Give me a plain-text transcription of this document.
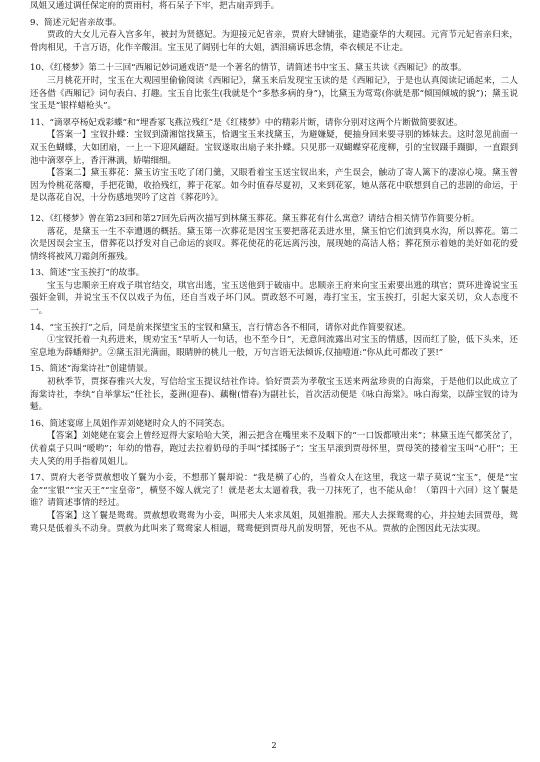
凤姐又通过调任保定府的贾雨村，将石呆子下牢，把古扇弄到手。

9、简述元妃省亲故事。

贾政的大女儿元春入宫多年，被封为贤德妃。为迎接元妃省亲，贾府大肆铺张，建造豪华的大观园。元宵节元妃省亲归来，骨肉相见，千言万语，化作辛酸泪。宝玉见了阔别七年的大姐，洒泪痛诉思念情，牵衣顿足不让走。

10、《红楼梦》第二十三回“西厢记妙词通戏语”是一个著名的情节，请简述书中宝玉、黛玉共读《西厢记》的故事。

三月桃花开时，宝玉在大观园里偷偷阅读《西厢记》，黛玉来后发现宝玉读的是《西厢记》，于是也认真阅读记诵起来，二人还各借《西厢记》词句表白、打趣。宝玉自比张生(我就是个“多愁多病的身”)，比黛玉为莺莺(你就是那“倾国倾城的貌”)；黛玉说宝玉是“银样蜡枪头”。

11、“滴翠亭杨妃戏彩蝶”和“埋香冢飞燕泣残红”是《红楼梦》中的精彩片断，请你分别对这两个片断做简要叙述。

【答案一】宝钗扑蝶：宝钗到潇湘馆找黛玉，恰遇宝玉来找黛玉，为避嫌疑，便抽身回来要寻别的姊妹去。这时忽见前面一双玉色蝴蝶，大如团扇，一上一下迎风翩跹。宝钗遂取出扇子来扑蝶。只见那一双蝴蝶穿花度柳，引的宝钗蹑手蹑脚，一直跟到池中滴翠亭上，香汗淋漓，娇喘细细。

【答案二】黛玉葬花：黛玉访宝玉吃了闭门羹，又眼看着宝玉送宝钗出来，产生误会，触动了寄人篱下的凄凉心境。黛玉曾因为怜桃花落瓣，手把花锄，收拾残红，葬于花冢。如今时值春尽夏初，又来到花冢，她从落花中联想到自己的悲剧的命运，于是以落花自况，十分伤感地哭吟了这首《葬花吟》。

12、《红楼梦》曾在第23回和第27回先后两次描写到林黛玉葬花。黛玉葬花有什么寓意？请结合相关情节作简要分析。

落花，是黛玉一生不幸遭遇的概括。黛玉第一次葬花是因宝玉要把落花丢进水里，黛玉怕它们流到臭水沟，所以葬花。第二次是因误会宝玉，借葬花以抒发对自己命运的哀叹。葬花使花的花远离污浊，展现她的高洁人格；葬花预示着她的美好如花的爱情终将被风刀霜剑所摧残。

13、简述“宝玉挨打”的故事。

宝玉与忠顺亲王府戏子琪官结交，琪官出逃，宝玉送他到于破庙中。忠顺亲王府来向宝玉索要出逃的琪官；贾环进谗说宝玉强奸金钏，并说宝玉不仅以戏子为伍，还自当戏子坏门风。贾政怒不可遏，毒打宝玉，宝玉挨打，引起大家关切，众人态度不一。

14、“宝玉挨打”之后，同是前来探望宝玉的宝钗和黛玉，言行情态各不相同，请你对此作简要叙述。

①宝钗托着一丸药进来，规劝宝玉“早听人一句话，也不至今日”，无意间流露出对宝玉的情感，因而红了脸，低下头来，还室息地为薛蟠辩护。②黛玉泪光满面，眼睛肿的桃儿一般，万句言语无法倾诉,仅抽噎道:“你从此可都改了罢!”

15、简述“海棠诗社”创建情景。

初秋季节，贾探春雅兴大发，写信给宝玉提议结社作诗。恰好贾芸为孝敬宝玉送来两盆珍贵的白海棠，于是他们以此成立了海棠诗社，李纨“自举掌坛”任社长，菱洲(迎春)、藕榭(惜春)为副社长，首次活动便是《咏白海棠》。咏白海棠，以薛宝钗的诗为魁。

16、简述宴席上凤姐作弄刘姥姥时众人的不同笑态。

【答案】刘姥姥在宴会上曾经逗得大家哈哈大笑，湘云把含在嘴里来不及咽下的“一口饭都喷出来”；林黛玉连气都笑岔了，伏着桌子只叫“嗳哟”；年幼的惜春，跑过去拉着奶母的手叫“揉揉肠子”；宝玉早滚到贾母怀里，贾母笑的搂着宝玉叫“心肝”；王夫人笑的用手指着凤姐儿。

17、贾府大老爷贾赦想收丫鬟为小妾，不想那丫鬟却说：“我是横了心的，当着众人在这里，我这一辈子莫说“宝玉”，便是“宝金”“宝银”“宝天王”“宝皇帝”，横竖不嫁人就完了！就是老太太逼着我，我一刀抹死了，也不能从命！（第四十六回）这丫鬟是谁？请简述事情的经过。

【答案】这丫鬟是鸳鸯。贾赦想收鸳鸯为小妾，叫邢夫人来求凤姐，凤姐推脱。邢夫人去探鸳鸯的心，并拉她去回贾母，鸳鸯只是低着头不动身。贾赦为此叫来了鸳鸯家人相逼，鸳鸯便到贾母凡前发明誓，死也不从。贾赦的企图因此无法实现。

2
